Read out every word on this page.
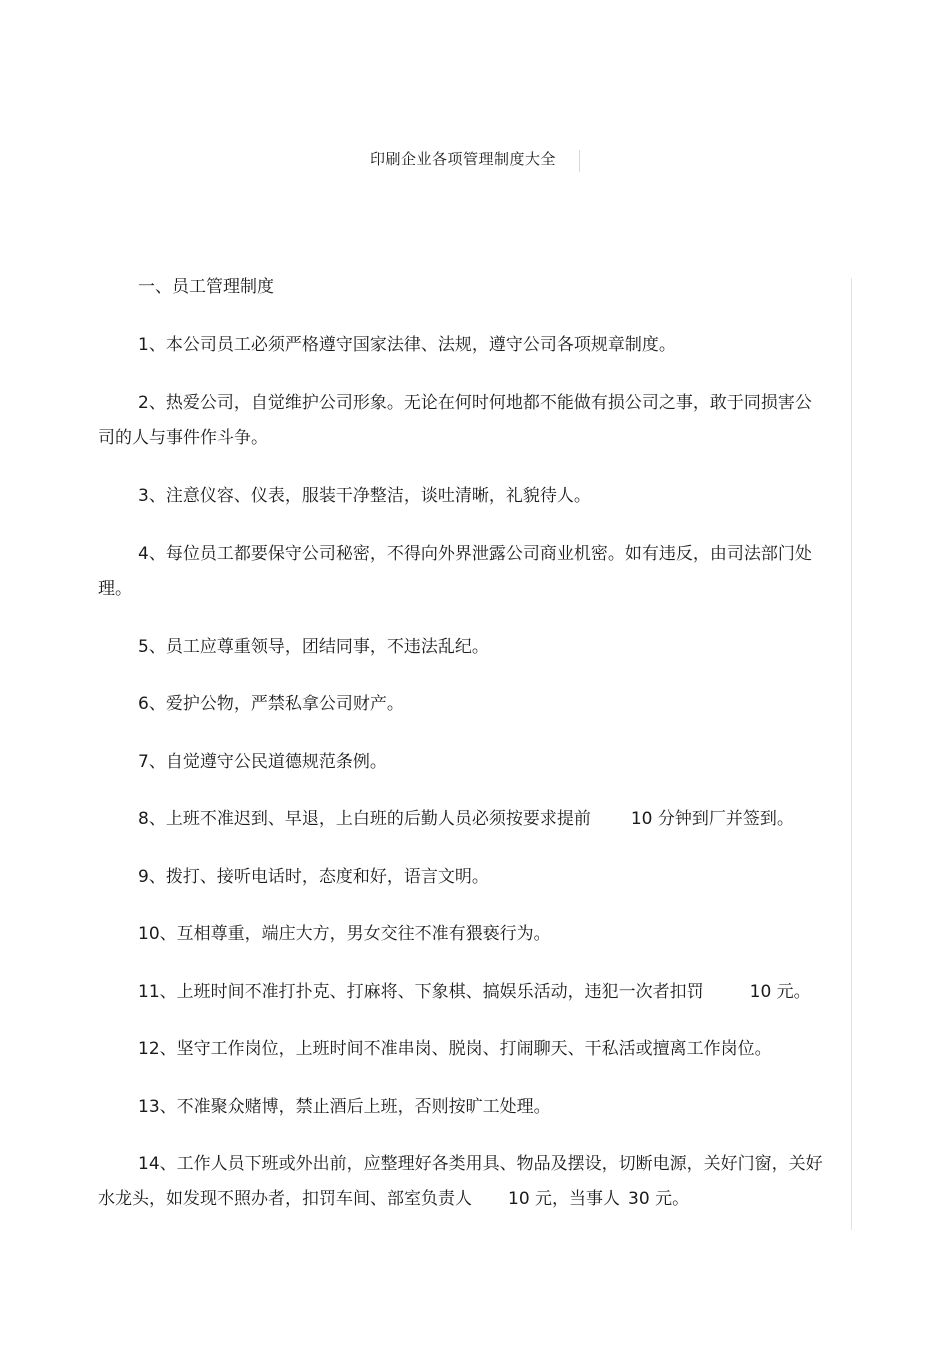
印刷企业各项管理制度大全

一、员工管理制度

1、本公司员工必须严格遵守国家法律、法规，遵守公司各项规章制度。

2、热爱公司，自觉维护公司形象。无论在何时何地都不能做有损公司之事，敢于同损害公司的人与事件作斗争。

3、注意仪容、仪表，服装干净整洁，谈吐清晰，礼貌待人。

4、每位员工都要保守公司秘密，不得向外界泄露公司商业机密。如有违反，由司法部门处理。

5、员工应尊重领导，团结同事，不违法乱纪。

6、爱护公物，严禁私拿公司财产。

7、自觉遵守公民道德规范条例。

8、上班不准迟到、早退，上白班的后勤人员必须按要求提前 10 分钟到厂并签到。

9、拨打、接听电话时，态度和好，语言文明。

10、互相尊重，端庄大方，男女交往不准有猥亵行为。

11、上班时间不准打扑克、打麻将、下象棋、搞娱乐活动，违犯一次者扣罚	10 元。

12、坚守工作岗位，上班时间不准串岗、脱岗、打闹聊天、干私活或擅离工作岗位。

13、不准聚众赌博，禁止酒后上班，否则按旷工处理。

14、工作人员下班或外出前，应整理好各类用具、物品及摆设，切断电源，关好门窗，关好水龙头，如发现不照办者，扣罚车间、部室负责人 10 元，当事人 30 元。
